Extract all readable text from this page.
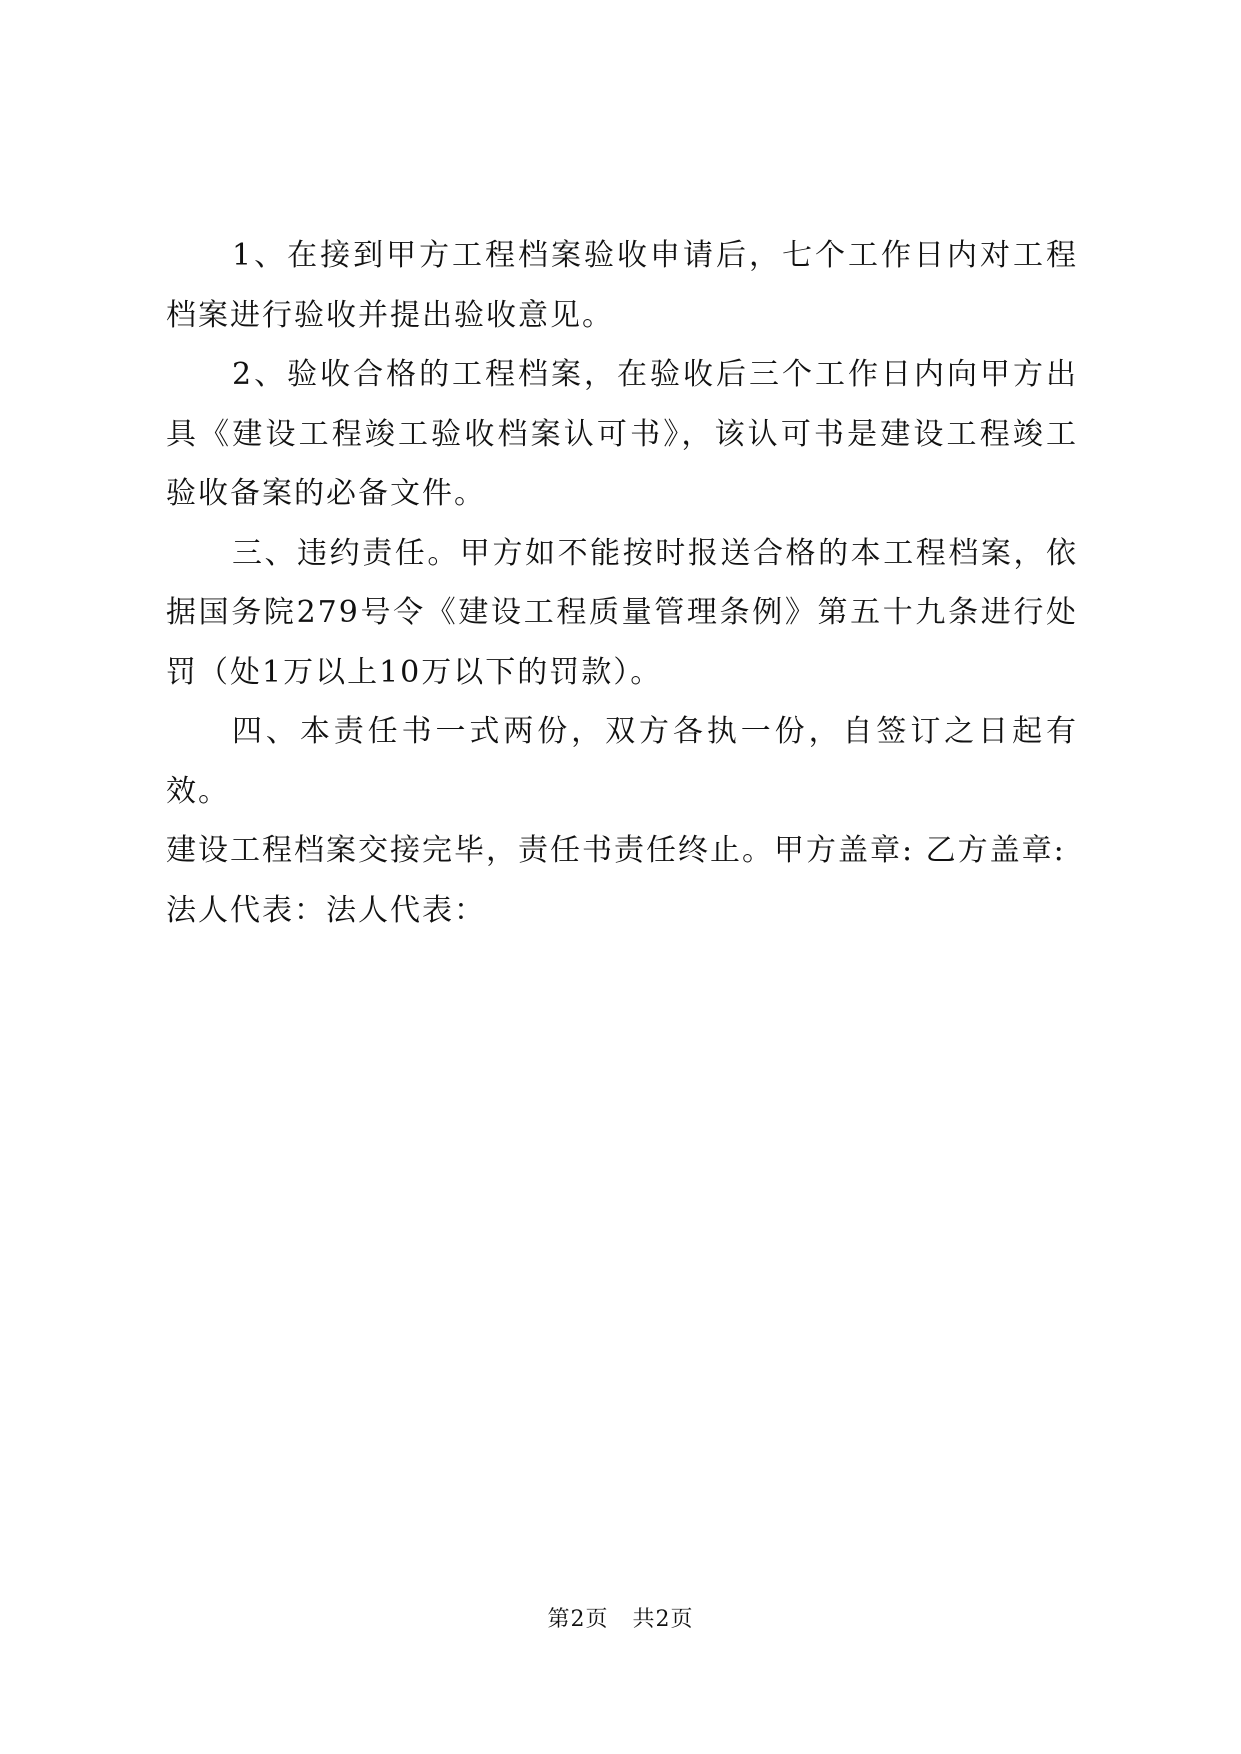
1、在接到甲方工程档案验收申请后，七个工作日内对工程档案进行验收并提出验收意见。

2、验收合格的工程档案，在验收后三个工作日内向甲方出具《建设工程竣工验收档案认可书》，该认可书是建设工程竣工验收备案的必备文件。

三、违约责任。甲方如不能按时报送合格的本工程档案，依据国务院279号令《建设工程质量管理条例》第五十九条进行处罚（处1万以上10万以下的罚款）。

四、本责任书一式两份，双方各执一份，自签订之日起有效。

建设工程档案交接完毕，责任书责任终止。甲方盖章: 乙方盖章:

法人代表：法人代表：

第2页 共2页
